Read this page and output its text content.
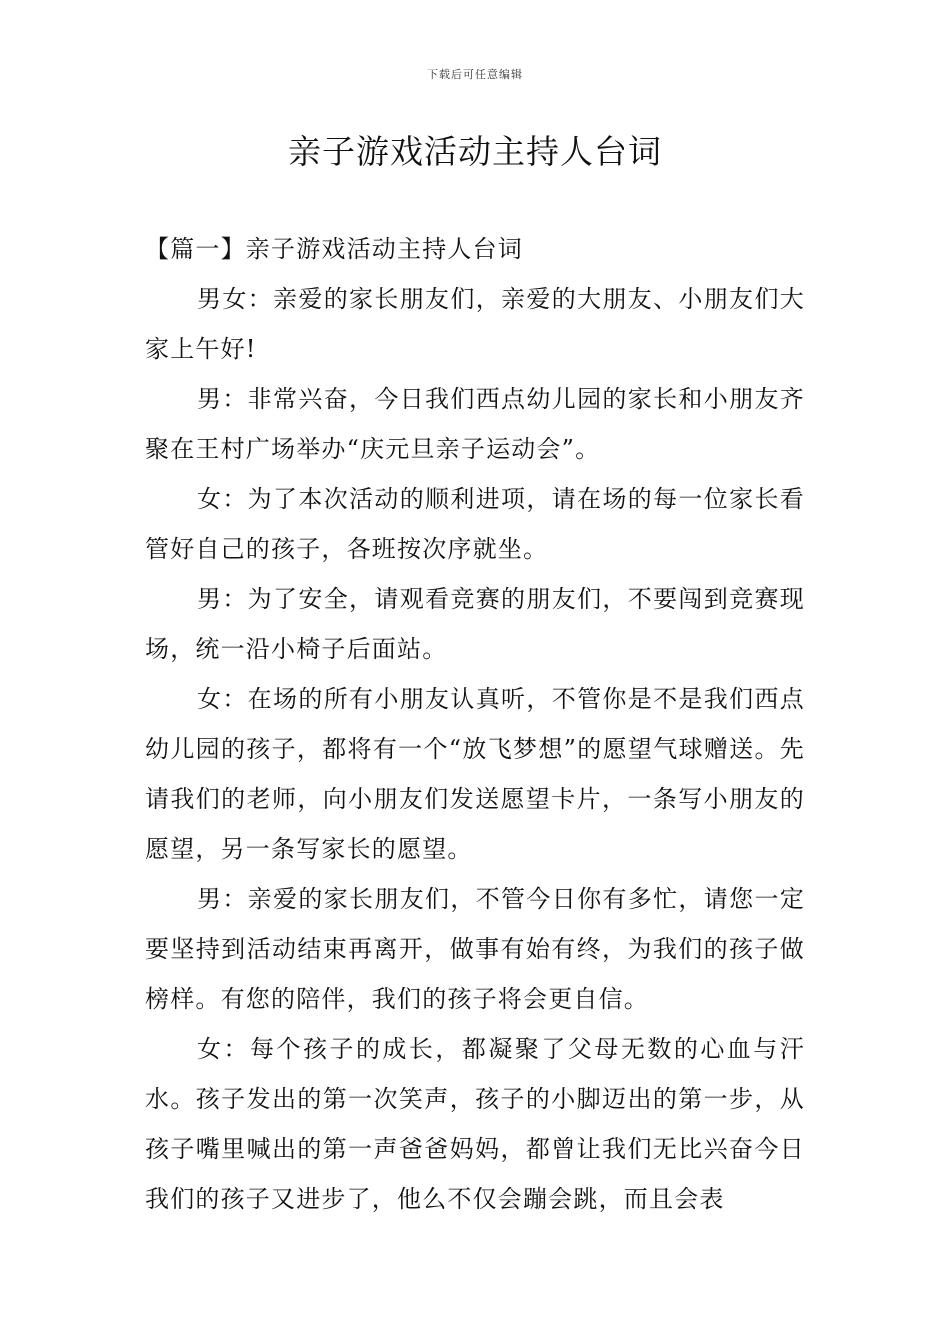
下载后可任意编辑
亲子游戏活动主持人台词

【篇一】亲子游戏活动主持人台词

男女：亲爱的家长朋友们，亲爱的大朋友、小朋友们大家上午好!

男：非常兴奋，今日我们西点幼儿园的家长和小朋友齐聚在王村广场举办“庆元旦亲子运动会”。

女：为了本次活动的顺利进项，请在场的每一位家长看管好自己的孩子，各班按次序就坐。

男：为了安全，请观看竞赛的朋友们，不要闯到竞赛现场，统一沿小椅子后面站。

女：在场的所有小朋友认真听，不管你是不是我们西点幼儿园的孩子，都将有一个“放飞梦想”的愿望气球赠送。先请我们的老师，向小朋友们发送愿望卡片，一条写小朋友的愿望，另一条写家长的愿望。

男：亲爱的家长朋友们，不管今日你有多忙，请您一定要坚持到活动结束再离开，做事有始有终，为我们的孩子做榜样。有您的陪伴，我们的孩子将会更自信。

女：每个孩子的成长，都凝聚了父母无数的心血与汗水。孩子发出的第一次笑声，孩子的小脚迈出的第一步，从孩子嘴里喊出的第一声爸爸妈妈，都曾让我们无比兴奋今日我们的孩子又进步了，他么不仅会蹦会跳，而且会表
